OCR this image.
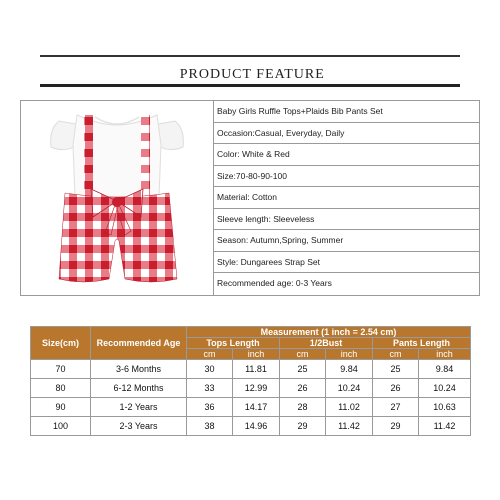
PRODUCT FEATURE
Baby Girls Ruffle Tops+Plaids Bib Pants Set
Occasion:Casual, Everyday, Daily
Color: White & Red
Size:70-80-90-100
Material: Cotton
Sleeve length: Sleeveless
Season: Autumn,Spring, Summer
Style: Dungarees Strap Set
Recommended age: 0-3 Years
Size(cm)	Recommended Age	Measurement (1 inch = 2.54 cm)					
		Tops Length		1/2Bust		Pants Length	
		cm	inch	cm	inch	cm	inch
70	3-6 Months	30	11.81	25	9.84	25	9.84
80	6-12 Months	33	12.99	26	10.24	26	10.24
90	1-2 Years	36	14.17	28	11.02	27	10.63
100	2-3 Years	38	14.96	29	11.42	29	11.42
